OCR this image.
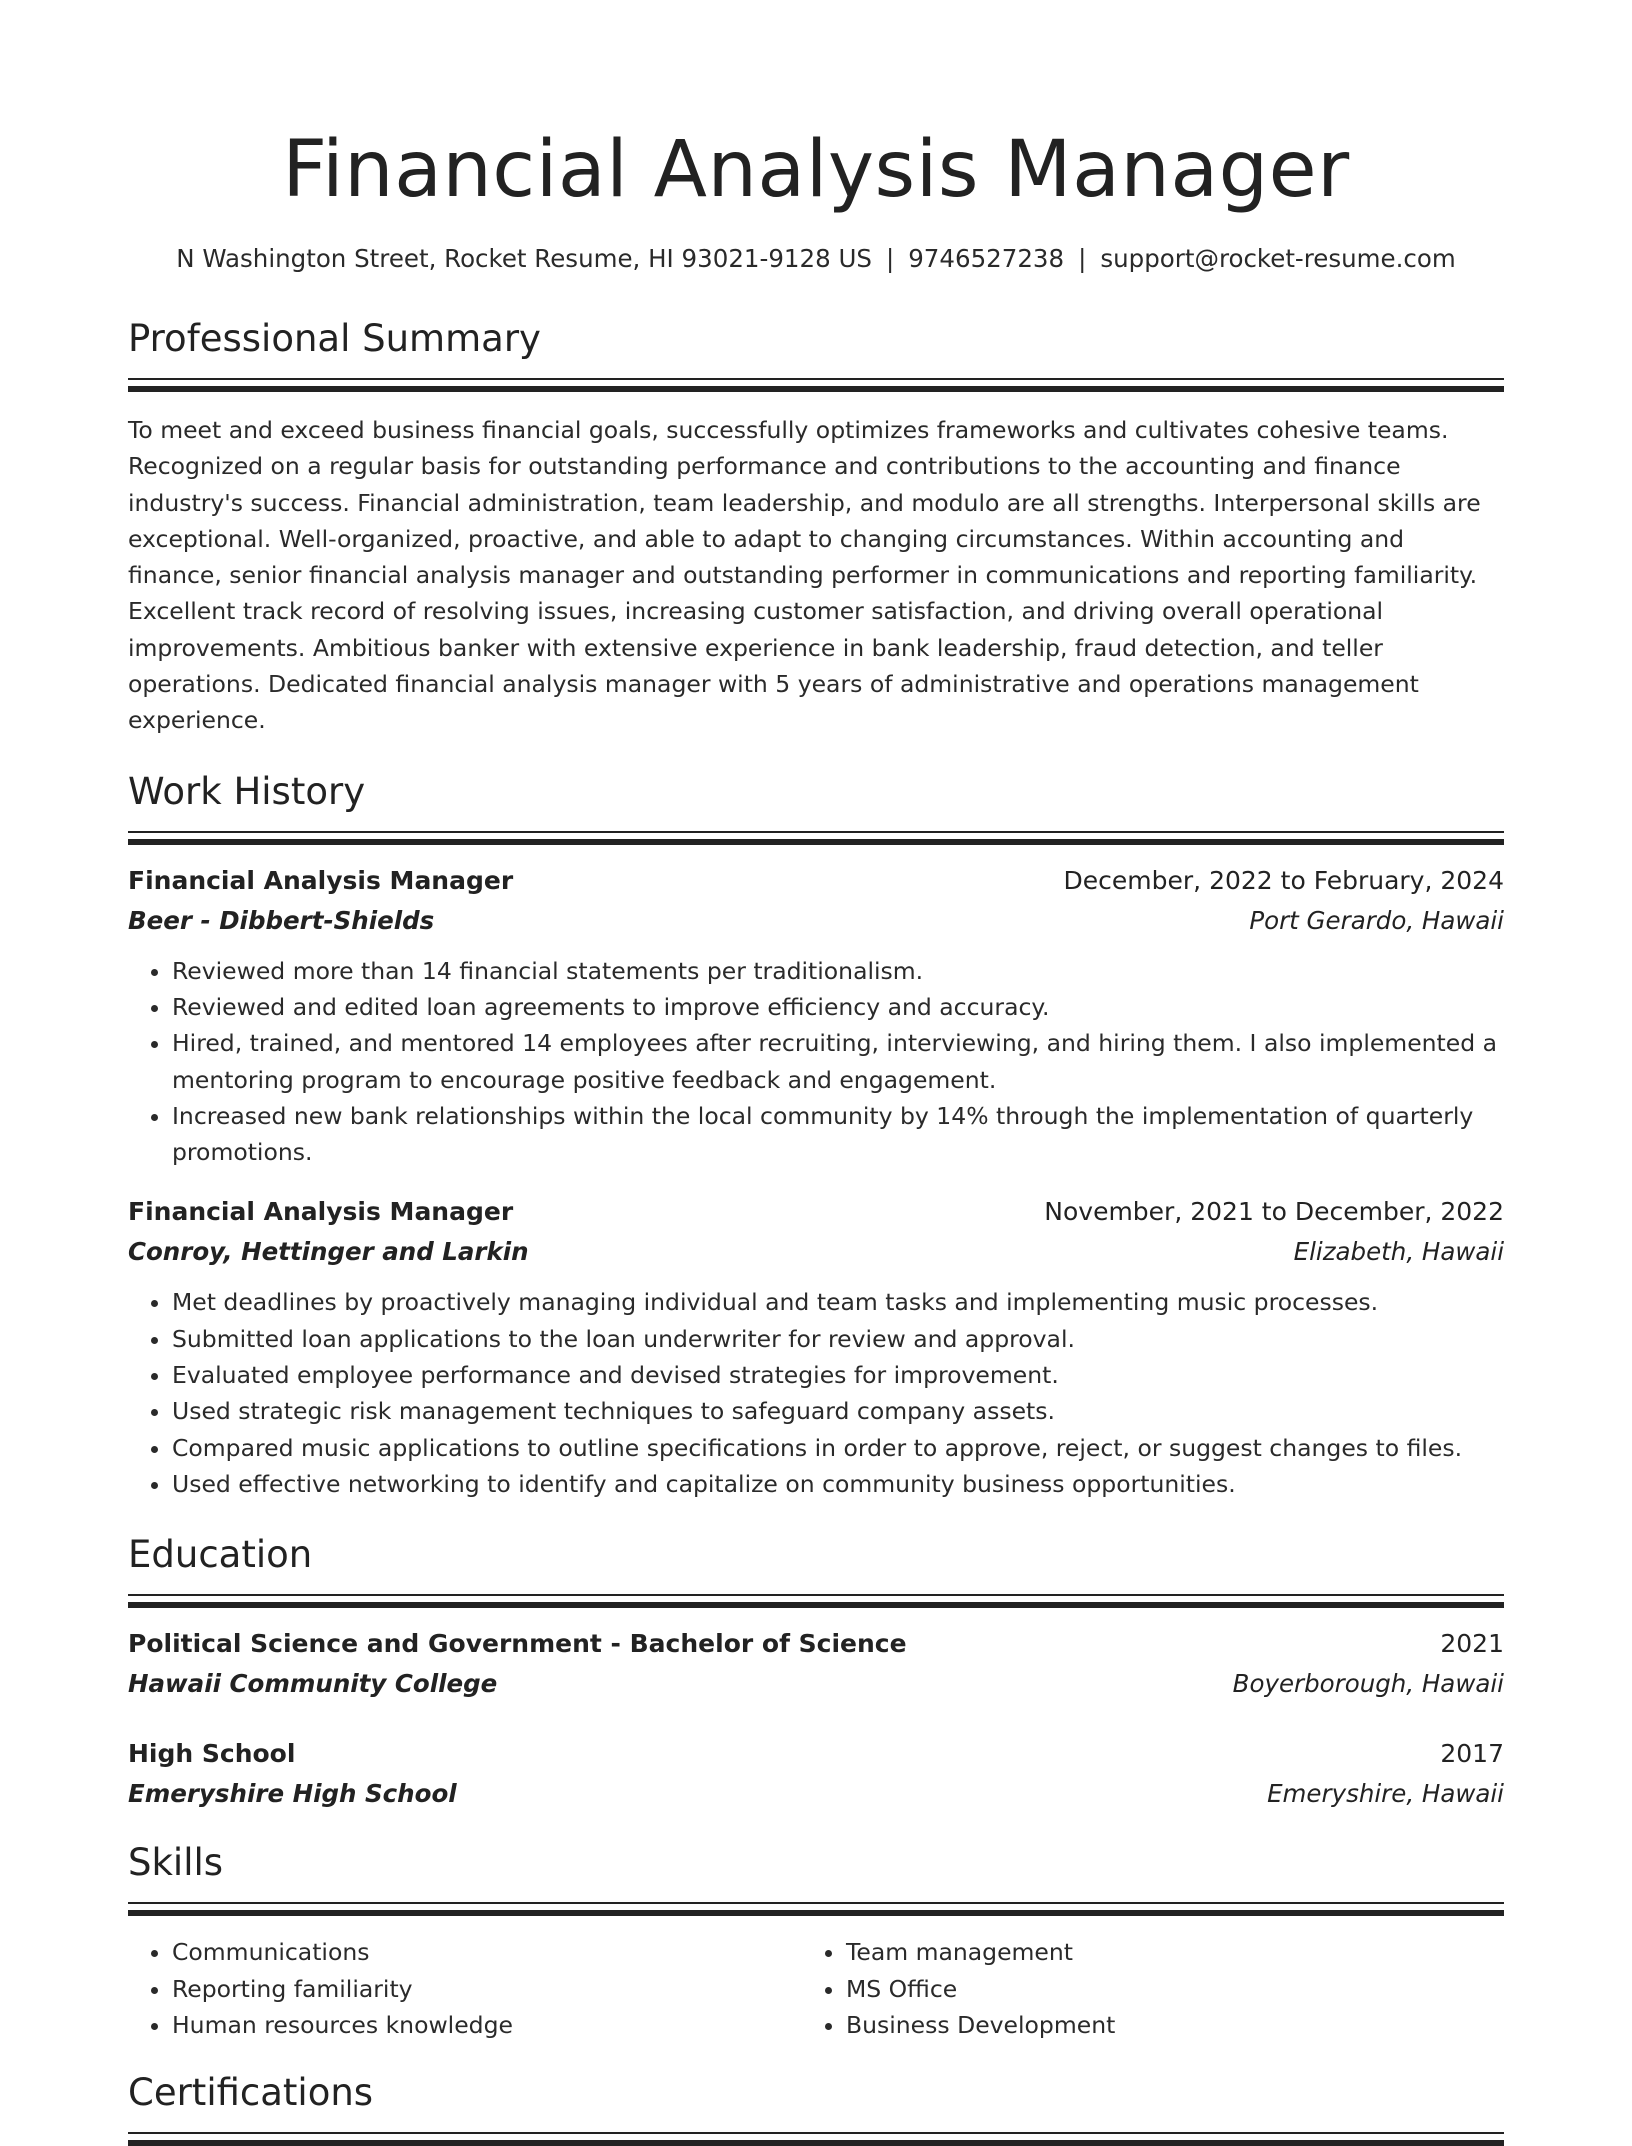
Financial Analysis Manager
N Washington Street, Rocket Resume, HI 93021-9128 US | 9746527238 | support@rocket-resume.com
Professional Summary

To meet and exceed business financial goals, successfully optimizes frameworks and cultivates cohesive teams. Recognized on a regular basis for outstanding performance and contributions to the accounting and finance industry's success. Financial administration, team leadership, and modulo are all strengths. Interpersonal skills are exceptional. Well-organized, proactive, and able to adapt to changing circumstances. Within accounting and finance, senior financial analysis manager and outstanding performer in communications and reporting familiarity. Excellent track record of resolving issues, increasing customer satisfaction, and driving overall operational improvements. Ambitious banker with extensive experience in bank leadership, fraud detection, and teller operations. Dedicated financial analysis manager with 5 years of administrative and operations management experience.

Work History
Financial Analysis Manager	December, 2022 to February, 2024
Beer - Dibbert-Shields	Port Gerardo, Hawaii
• Reviewed more than 14 financial statements per traditionalism.
• Reviewed and edited loan agreements to improve efficiency and accuracy.
• Hired, trained, and mentored 14 employees after recruiting, interviewing, and hiring them. I also implemented a mentoring program to encourage positive feedback and engagement.
• Increased new bank relationships within the local community by 14% through the implementation of quarterly promotions.
Financial Analysis Manager	November, 2021 to December, 2022
Conroy, Hettinger and Larkin	Elizabeth, Hawaii
• Met deadlines by proactively managing individual and team tasks and implementing music processes.
• Submitted loan applications to the loan underwriter for review and approval.
• Evaluated employee performance and devised strategies for improvement.
• Used strategic risk management techniques to safeguard company assets.
• Compared music applications to outline specifications in order to approve, reject, or suggest changes to files.
• Used effective networking to identify and capitalize on community business opportunities.
Education
Political Science and Government - Bachelor of Science	2021
Hawaii Community College	Boyerborough, Hawaii
High School	2017
Emeryshire High School	Emeryshire, Hawaii
Skills
• Communications
• Reporting familiarity
• Human resources knowledge
• Team management
• MS Office
• Business Development
Certifications
